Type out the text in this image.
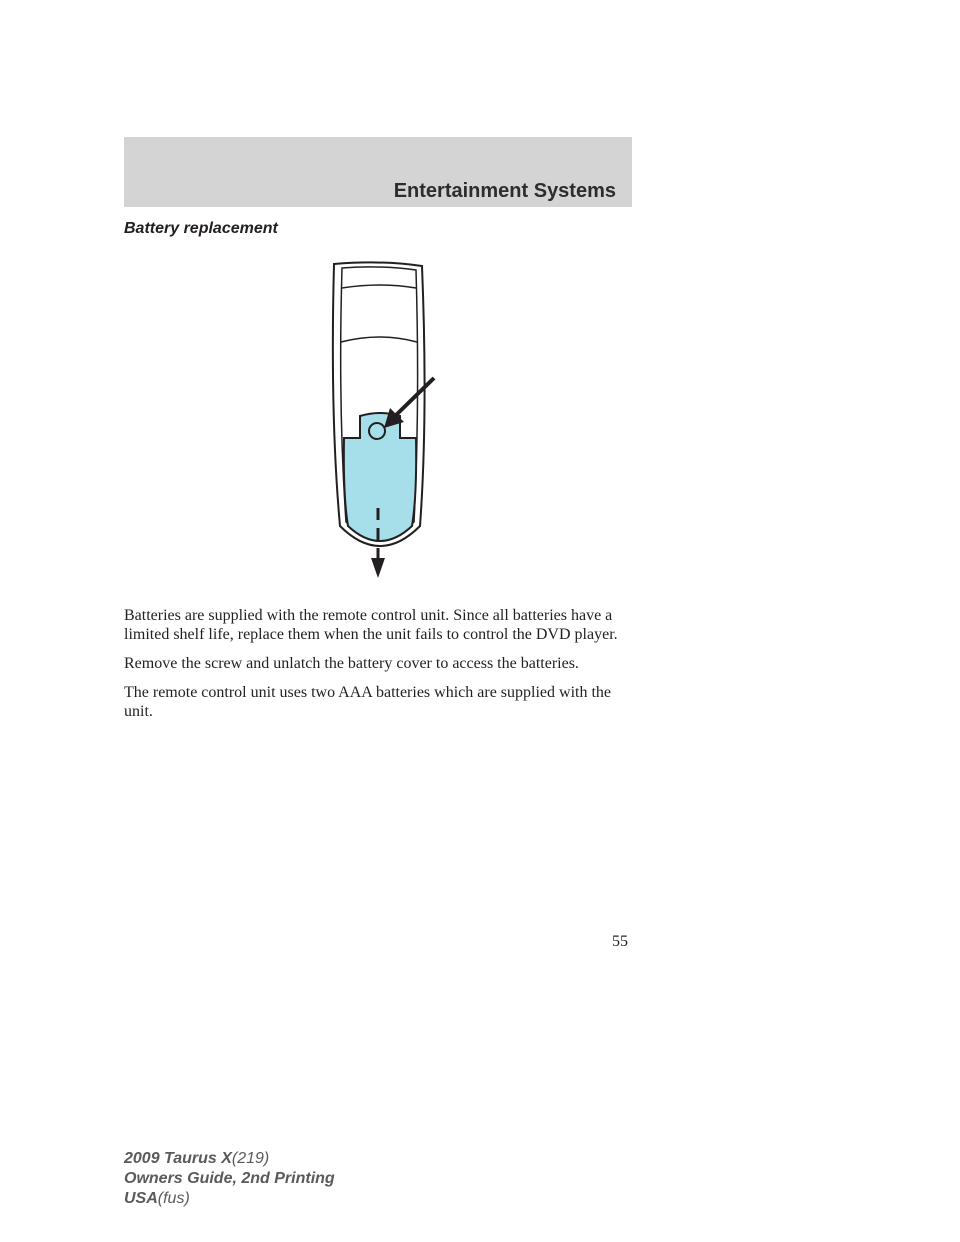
Entertainment Systems
Battery replacement

Batteries are supplied with the remote control unit. Since all batteries have a limited shelf life, replace them when the unit fails to control the DVD player.

Remove the screw and unlatch the battery cover to access the batteries.

The remote control unit uses two AAA batteries which are supplied with the unit.

55
2009 Taurus X(219)
Owners Guide, 2nd Printing
USA(fus)
